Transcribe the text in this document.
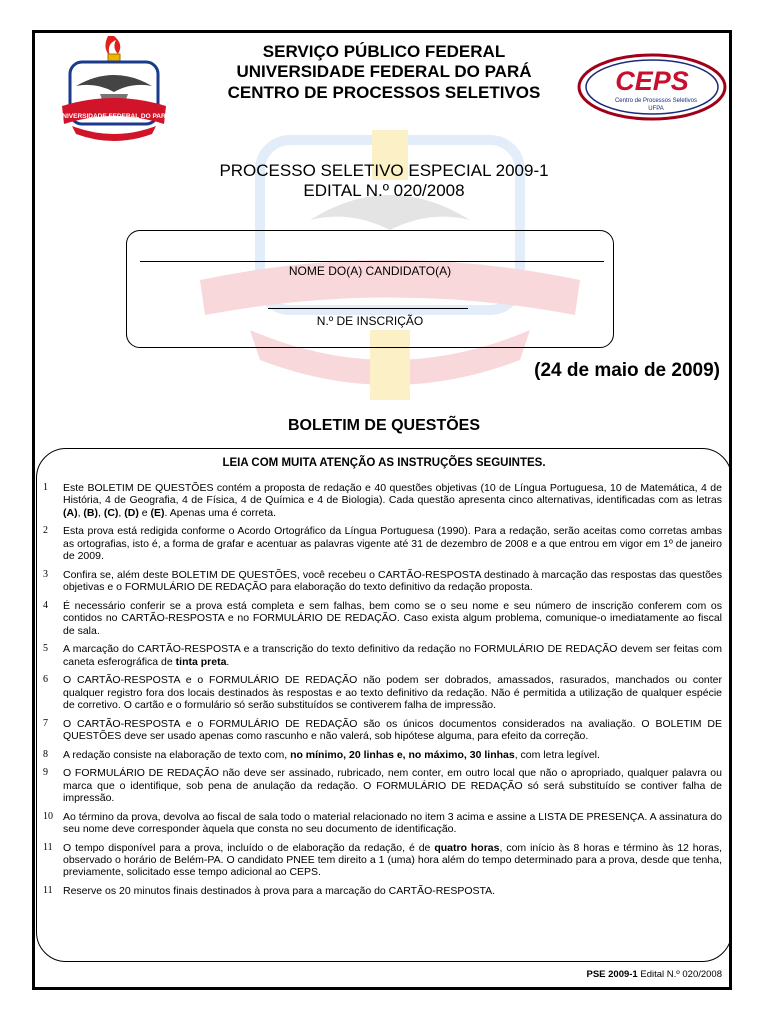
UNIVERSIDADE FEDERAL DO PARÁ
CEPS
Centro de Processos Seletivos
UFPA
SERVIÇO PÚBLICO FEDERAL
UNIVERSIDADE FEDERAL DO PARÁ
CENTRO DE PROCESSOS SELETIVOS
PROCESSO SELETIVO ESPECIAL 2009-1
EDITAL N.º 020/2008
NOME DO(A) CANDIDATO(A)
N.º DE INSCRIÇÃO
(24 de maio de 2009)
BOLETIM DE QUESTÕES
LEIA COM MUITA ATENÇÃO AS INSTRUÇÕES SEGUINTES.
1	Este BOLETIM DE QUESTÕES contém a proposta de redação e 40 questões objetivas (10 de Língua Portuguesa, 10 de Matemática, 4 de História, 4 de Geografia, 4 de Física, 4 de Química e 4 de Biologia). Cada questão apresenta cinco alternativas, identificadas com as letras (A), (B), (C), (D) e (E). Apenas uma é correta.
2	Esta prova está redigida conforme o Acordo Ortográfico da Língua Portuguesa (1990). Para a redação, serão aceitas como corretas ambas as ortografias, isto é, a forma de grafar e acentuar as palavras vigente até 31 de dezembro de 2008 e a que entrou em vigor em 1º de janeiro de 2009.
3	Confira se, além deste BOLETIM DE QUESTÕES, você recebeu o CARTÃO-RESPOSTA destinado à marcação das respostas das questões objetivas e o FORMULÁRIO DE REDAÇÃO para elaboração do texto definitivo da redação proposta.
4	É necessário conferir se a prova está completa e sem falhas, bem como se o seu nome e seu número de inscrição conferem com os contidos no CARTÃO-RESPOSTA e no FORMULÁRIO DE REDAÇÃO. Caso exista algum problema, comunique-o imediatamente ao fiscal de sala.
5	A marcação do CARTÃO-RESPOSTA e a transcrição do texto definitivo da redação no FORMULÁRIO DE REDAÇÃO devem ser feitas com caneta esferográfica de tinta preta.
6	O CARTÃO-RESPOSTA e o FORMULÁRIO DE REDAÇÃO não podem ser dobrados, amassados, rasurados, manchados ou conter qualquer registro fora dos locais destinados às respostas e ao texto definitivo da redação. Não é permitida a utilização de qualquer espécie de corretivo. O cartão e o formulário só serão substituídos se contiverem falha de impressão.
7	O CARTÃO-RESPOSTA e o FORMULÁRIO DE REDAÇÃO são os únicos documentos considerados na avaliação. O BOLETIM DE QUESTÕES deve ser usado apenas como rascunho e não valerá, sob hipótese alguma, para efeito da correção.
8	A redação consiste na elaboração de texto com, no mínimo, 20 linhas e, no máximo, 30 linhas, com letra legível.
9	O FORMULÁRIO DE REDAÇÃO não deve ser assinado, rubricado, nem conter, em outro local que não o apropriado, qualquer palavra ou marca que o identifique, sob pena de anulação da redação. O FORMULÁRIO DE REDAÇÃO só será substituído se contiver falha de impressão.
10 Ao término da prova, devolva ao fiscal de sala todo o material relacionado no item 3 acima e assine a LISTA DE PRESENÇA. A assinatura do seu nome deve corresponder àquela que consta no seu documento de identificação.
11 O tempo disponível para a prova, incluído o de elaboração da redação, é de quatro horas, com início às 8 horas e término às 12 horas, observado o horário de Belém-PA. O candidato PNEE tem direito a 1 (uma) hora além do tempo determinado para a prova, desde que tenha, previamente, solicitado esse tempo adicional ao CEPS.
11 Reserve os 20 minutos finais destinados à prova para a marcação do CARTÃO-RESPOSTA.
PSE 2009-1 Edital N.º 020/2008
